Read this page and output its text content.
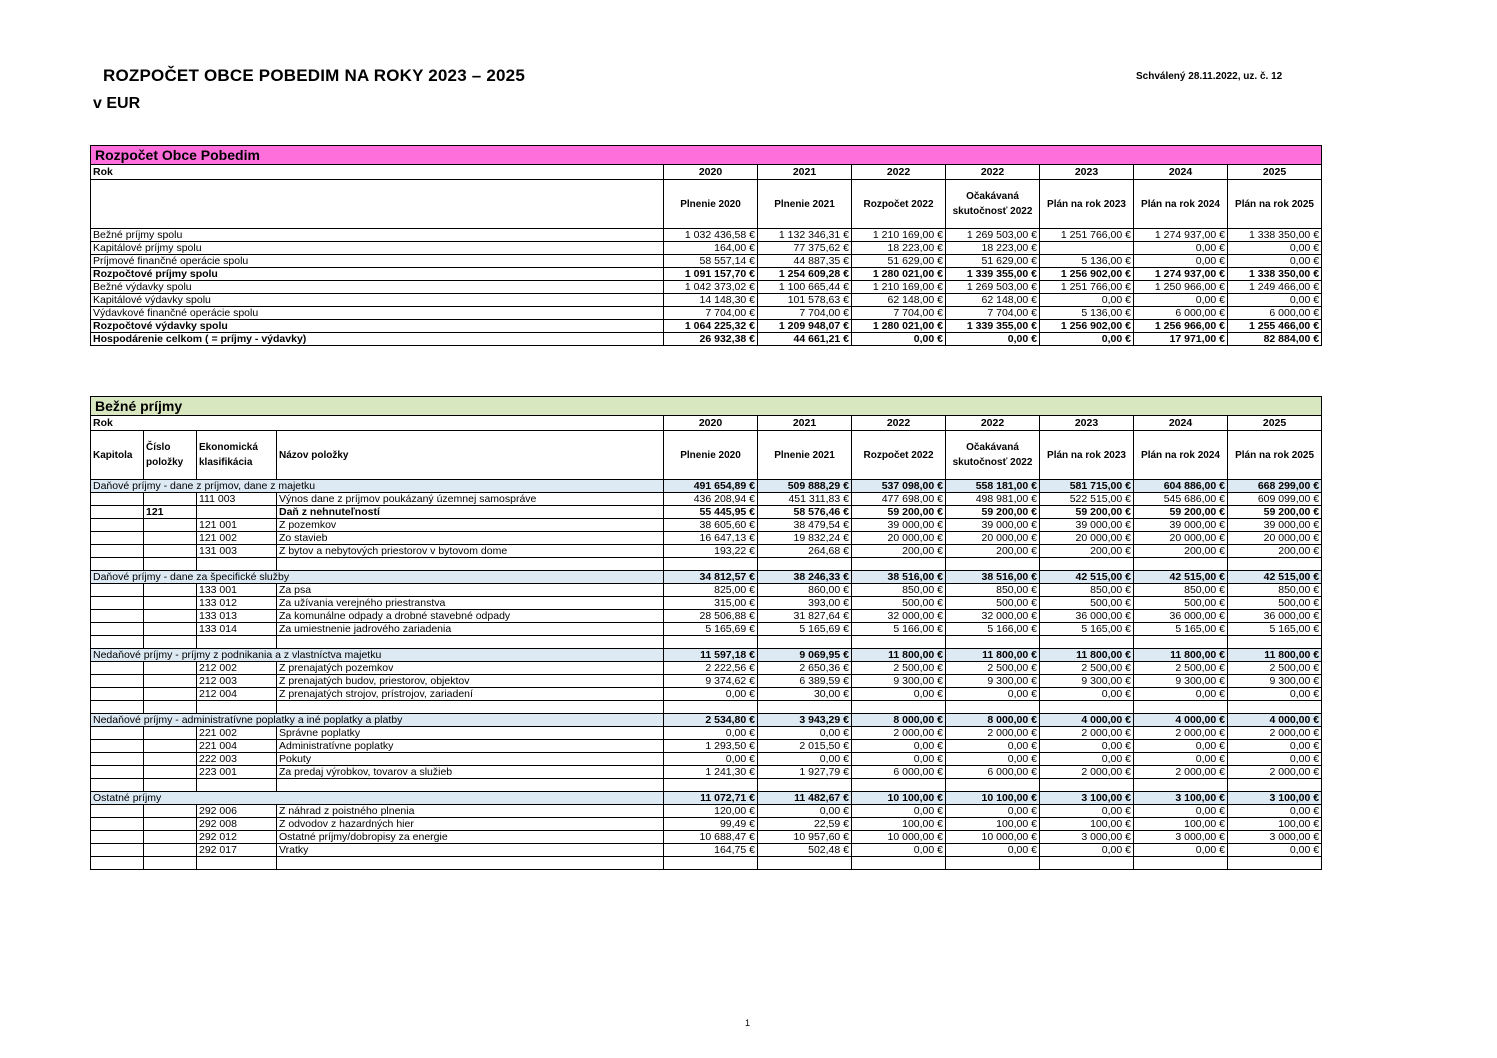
ROZPOČET OBCE POBEDIM NA ROKY 2023 – 2025
v EUR
Schválený 28.11.2022, uz. č. 12
1
Rozpočet Obce Pobedim							
Rok	2020	2021	2022	2022	2023	2024	2025
	Plnenie 2020	Plnenie 2021	Rozpočet 2022	Očakávaná skutočnosť 2022	Plán na rok 2023	Plán na rok 2024	Plán na rok 2025
Bežné príjmy spolu	1 032 436,58 €	1 132 346,31 €	1 210 169,00 €	1 269 503,00 €	1 251 766,00 €	1 274 937,00 €	1 338 350,00 €
Kapitálové príjmy spolu	164,00 €	77 375,62 €	18 223,00 €	18 223,00 €		0,00 €	0,00 €
Príjmové finančné operácie spolu	58 557,14 €	44 887,35 €	51 629,00 €	51 629,00 €	5 136,00 €	0,00 €	0,00 €
Rozpočtové príjmy spolu	1 091 157,70 €	1 254 609,28 €	1 280 021,00 €	1 339 355,00 €	1 256 902,00 €	1 274 937,00 €	1 338 350,00 €
Bežné výdavky spolu	1 042 373,02 €	1 100 665,44 €	1 210 169,00 €	1 269 503,00 €	1 251 766,00 €	1 250 966,00 €	1 249 466,00 €
Kapitálové výdavky spolu	14 148,30 €	101 578,63 €	62 148,00 €	62 148,00 €	0,00 €	0,00 €	0,00 €
Výdavkové finančné operácie spolu	7 704,00 €	7 704,00 €	7 704,00 €	7 704,00 €	5 136,00 €	6 000,00 €	6 000,00 €
Rozpočtové výdavky spolu	1 064 225,32 €	1 209 948,07 €	1 280 021,00 €	1 339 355,00 €	1 256 902,00 €	1 256 966,00 €	1 255 466,00 €
Hospodárenie celkom ( = príjmy - výdavky)	26 932,38 €	44 661,21 €	0,00 €	0,00 €	0,00 €	17 971,00 €	82 884,00 €
Bežné príjmy										
Rok				2020	2021	2022	2022	2023	2024	2025
Kapitola	Číslo položky	Ekonomická klasifikácia	Názov položky	Plnenie 2020	Plnenie 2021	Rozpočet 2022	Očakávaná skutočnosť 2022	Plán na rok 2023	Plán na rok 2024	Plán na rok 2025
Daňové príjmy - dane z príjmov, dane z majetku				491 654,89 €	509 888,29 €	537 098,00 €	558 181,00 €	581 715,00 €	604 886,00 €	668 299,00 €
		111 003	Výnos dane z príjmov poukázaný územnej samospráve	436 208,94 €	451 311,83 €	477 698,00 €	498 981,00 €	522 515,00 €	545 686,00 €	609 099,00 €
	121		Daň z nehnuteľností	55 445,95 €	58 576,46 €	59 200,00 €	59 200,00 €	59 200,00 €	59 200,00 €	59 200,00 €
		121 001	Z pozemkov	38 605,60 €	38 479,54 €	39 000,00 €	39 000,00 €	39 000,00 €	39 000,00 €	39 000,00 €
		121 002	Zo stavieb	16 647,13 €	19 832,24 €	20 000,00 €	20 000,00 €	20 000,00 €	20 000,00 €	20 000,00 €
		131 003	Z bytov a nebytových priestorov v bytovom dome	193,22 €	264,68 €	200,00 €	200,00 €	200,00 €	200,00 €	200,00 €

Daňové príjmy - dane za špecifické služby				34 812,57 €	38 246,33 €	38 516,00 €	38 516,00 €	42 515,00 €	42 515,00 €	42 515,00 €
		133 001	Za psa	825,00 €	860,00 €	850,00 €	850,00 €	850,00 €	850,00 €	850,00 €
		133 012	Za užívania verejného priestranstva	315,00 €	393,00 €	500,00 €	500,00 €	500,00 €	500,00 €	500,00 €
		133 013	Za komunálne odpady a drobné stavebné odpady	28 506,88 €	31 827,64 €	32 000,00 €	32 000,00 €	36 000,00 €	36 000,00 €	36 000,00 €
		133 014	Za umiestnenie jadrového zariadenia	5 165,69 €	5 165,69 €	5 166,00 €	5 166,00 €	5 165,00 €	5 165,00 €	5 165,00 €

Nedaňové príjmy - príjmy z podnikania a z vlastníctva majetku				11 597,18 €	9 069,95 €	11 800,00 €	11 800,00 €	11 800,00 €	11 800,00 €	11 800,00 €
		212 002	Z prenajatých pozemkov	2 222,56 €	2 650,36 €	2 500,00 €	2 500,00 €	2 500,00 €	2 500,00 €	2 500,00 €
		212 003	Z prenajatých budov, priestorov, objektov	9 374,62 €	6 389,59 €	9 300,00 €	9 300,00 €	9 300,00 €	9 300,00 €	9 300,00 €
		212 004	Z prenajatých strojov, prístrojov, zariadení	0,00 €	30,00 €	0,00 €	0,00 €	0,00 €	0,00 €	0,00 €

Nedaňové príjmy - administratívne poplatky a iné poplatky a platby				2 534,80 €	3 943,29 €	8 000,00 €	8 000,00 €	4 000,00 €	4 000,00 €	4 000,00 €
		221 002	Správne poplatky	0,00 €	0,00 €	2 000,00 €	2 000,00 €	2 000,00 €	2 000,00 €	2 000,00 €
		221 004	Administratívne poplatky	1 293,50 €	2 015,50 €	0,00 €	0,00 €	0,00 €	0,00 €	0,00 €
		222 003	Pokuty	0,00 €	0,00 €	0,00 €	0,00 €	0,00 €	0,00 €	0,00 €
		223 001	Za predaj výrobkov, tovarov a služieb	1 241,30 €	1 927,79 €	6 000,00 €	6 000,00 €	2 000,00 €	2 000,00 €	2 000,00 €

Ostatné príjmy				11 072,71 €	11 482,67 €	10 100,00 €	10 100,00 €	3 100,00 €	3 100,00 €	3 100,00 €
		292 006	Z náhrad z poistného plnenia	120,00 €	0,00 €	0,00 €	0,00 €	0,00 €	0,00 €	0,00 €
		292 008	Z odvodov z hazardných hier	99,49 €	22,59 €	100,00 €	100,00 €	100,00 €	100,00 €	100,00 €
		292 012	Ostatné príjmy/dobropisy za energie	10 688,47 €	10 957,60 €	10 000,00 €	10 000,00 €	3 000,00 €	3 000,00 €	3 000,00 €
		292 017	Vratky	164,75 €	502,48 €	0,00 €	0,00 €	0,00 €	0,00 €	0,00 €
